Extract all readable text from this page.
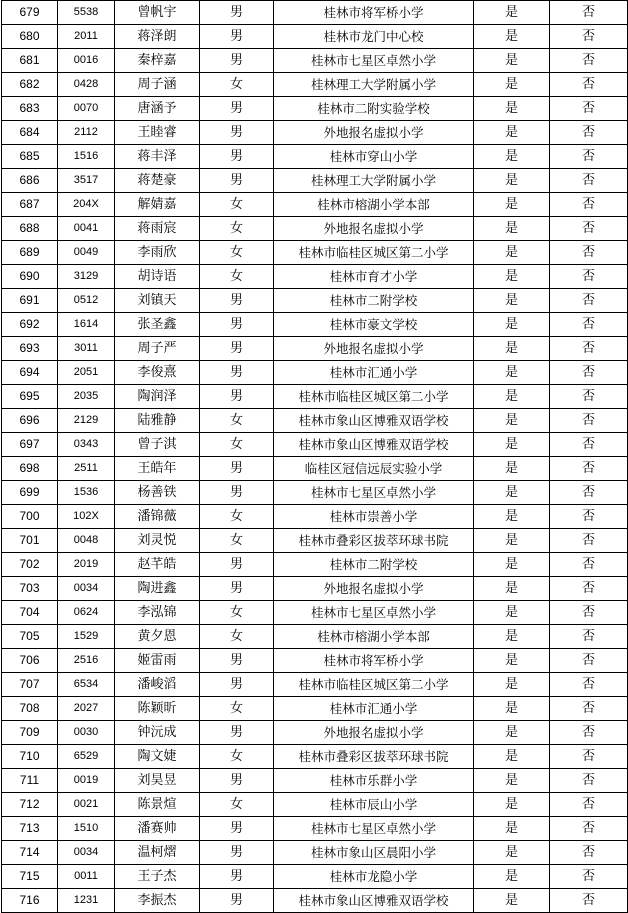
679	5538	曾帆宇	男	桂林市将军桥小学	是	否
680	2011	蒋泽朗	男	桂林市龙门中心校	是	否
681	0016	秦梓嘉	男	桂林市七星区卓然小学	是	否
682	0428	周子涵	女	桂林理工大学附属小学	是	否
683	0070	唐涵予	男	桂林市二附实验学校	是	否
684	2112	王睦睿	男	外地报名虚拟小学	是	否
685	1516	蒋丰泽	男	桂林市穿山小学	是	否
686	3517	蒋楚豪	男	桂林理工大学附属小学	是	否
687	204X	解婧嘉	女	桂林市榕湖小学本部	是	否
688	0041	蒋雨宸	女	外地报名虚拟小学	是	否
689	0049	李雨欣	女	桂林市临桂区城区第二小学	是	否
690	3129	胡诗语	女	桂林市育才小学	是	否
691	0512	刘镇天	男	桂林市二附学校	是	否
692	1614	张圣鑫	男	桂林市豪文学校	是	否
693	3011	周子严	男	外地报名虚拟小学	是	否
694	2051	李俊熹	男	桂林市汇通小学	是	否
695	2035	陶润泽	男	桂林市临桂区城区第二小学	是	否
696	2129	陆雅静	女	桂林市象山区博雅双语学校	是	否
697	0343	曾子淇	女	桂林市象山区博雅双语学校	是	否
698	2511	王皓年	男	临桂区冠信远辰实验小学	是	否
699	1536	杨善铁	男	桂林市七星区卓然小学	是	否
700	102X	潘锦薇	女	桂林市崇善小学	是	否
701	0048	刘灵悦	女	桂林市叠彩区拔萃环球书院	是	否
702	2019	赵芊皓	男	桂林市二附学校	是	否
703	0034	陶进鑫	男	外地报名虚拟小学	是	否
704	0624	李泓锦	女	桂林市七星区卓然小学	是	否
705	1529	黄夕恩	女	桂林市榕湖小学本部	是	否
706	2516	姬雷雨	男	桂林市将军桥小学	是	否
707	6534	潘峻滔	男	桂林市临桂区城区第二小学	是	否
708	2027	陈颖昕	女	桂林市汇通小学	是	否
709	0030	钟沅成	男	外地报名虚拟小学	是	否
710	6529	陶文婕	女	桂林市叠彩区拔萃环球书院	是	否
711	0019	刘昊昱	男	桂林市乐群小学	是	否
712	0021	陈景煊	女	桂林市辰山小学	是	否
713	1510	潘赛帅	男	桂林市七星区卓然小学	是	否
714	0034	温柯熠	男	桂林市象山区晨阳小学	是	否
715	0011	王子杰	男	桂林市龙隐小学	是	否
716	1231	李振杰	男	桂林市象山区博雅双语学校	是	否
